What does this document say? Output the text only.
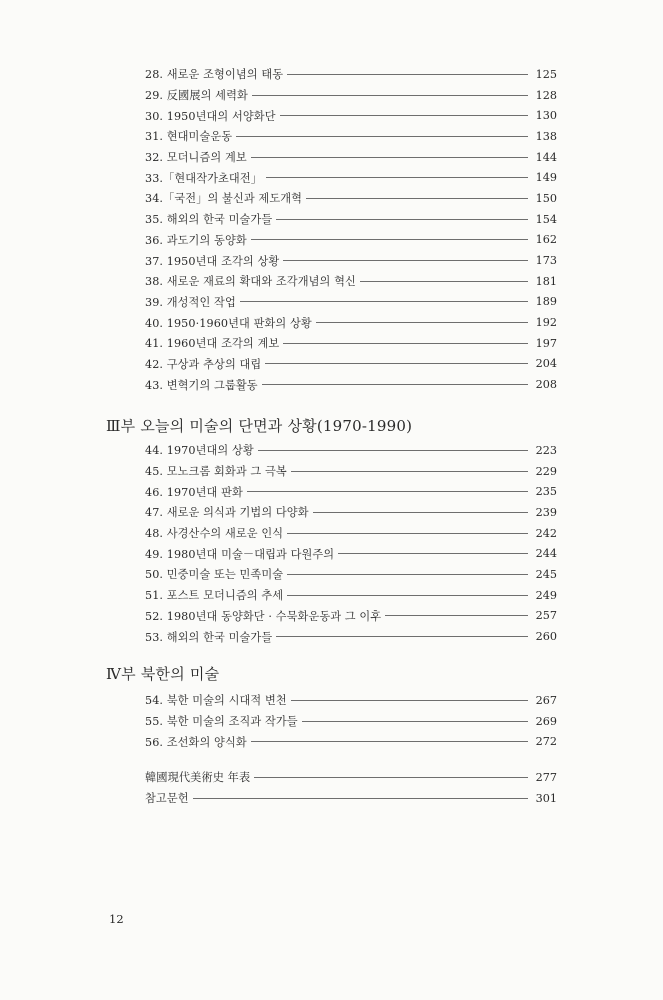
28. 새로운 조형이념의 태동	125
29. 反國展의 세력화	128
30. 1950년대의 서양화단	130
31. 현대미술운동	138
32. 모더니즘의 계보	144
33.「현대작가초대전」	149
34.「국전」의 불신과 제도개혁	150
35. 해외의 한국 미술가들	154
36. 과도기의 동양화	162
37. 1950년대 조각의 상황	173
38. 새로운 재료의 확대와 조각개념의 혁신	181
39. 개성적인 작업	189
40. 1950·1960년대 판화의 상황	192
41. 1960년대 조각의 계보	197
42. 구상과 추상의 대립	204
43. 변혁기의 그룹활동	208
Ⅲ부 오늘의 미술의 단면과 상황(1970-1990)
44. 1970년대의 상황	223
45. 모노크롬 회화과 그 극복	229
46. 1970년대 판화	235
47. 새로운 의식과 기법의 다양화	239
48. 사경산수의 새로운 인식	242
49. 1980년대 미술－대립과 다원주의	244
50. 민중미술 또는 민족미술	245
51. 포스트 모더니즘의 추세	249
52. 1980년대 동양화단 · 수묵화운동과 그 이후	257
53. 해외의 한국 미술가들	260
Ⅳ부 북한의 미술
54. 북한 미술의 시대적 변천	267
55. 북한 미술의 조직과 작가들	269
56. 조선화의 양식화	272
韓國現代美術史 年表	277
참고문헌	301
12
